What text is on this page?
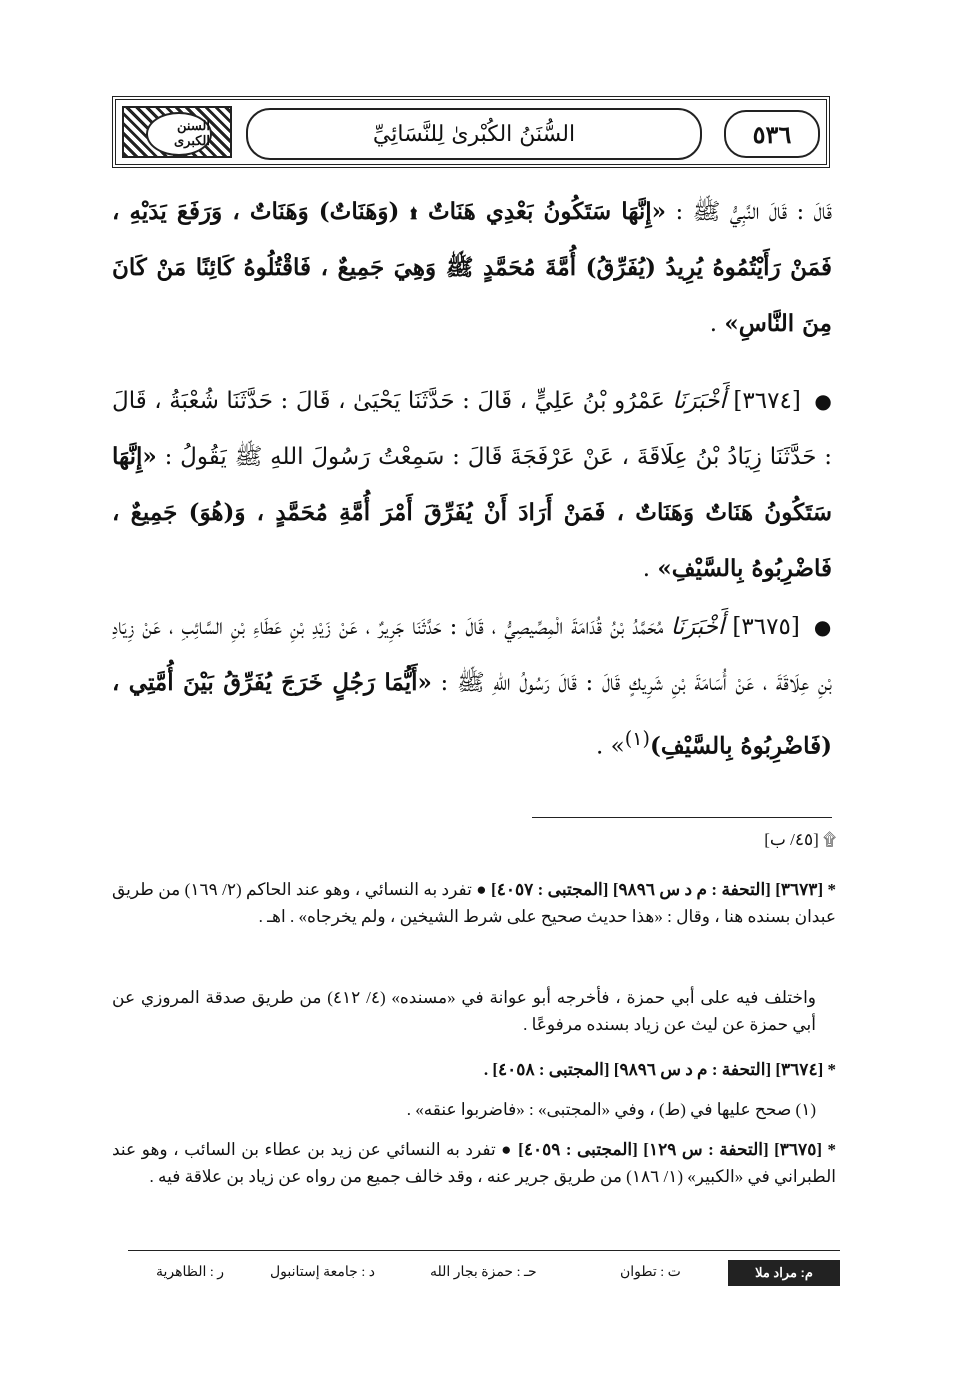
السنن الكبرى	السُّنَنُ الكُبْرىٰ لِلنَّسَائِيِّ	٥٣٦

قَالَ : قَالَ النَّبِيُّ ﷺ : «إِنَّهَا سَتَكُونُ بَعْدِي هَنَاتٌ ۩ (وَهَنَاتٌ) وَهَنَاتٌ ، وَرَفَعَ يَدَيْهِ ، فَمَنْ رَأَيْتُمُوهُ يُرِيدُ (يُفَرِّقُ) أُمَّةَ مُحَمَّدٍ ﷺ وَهِيَ جَمِيعٌ ، فَاقْتُلُوهُ كَائِنًا مَنْ كَانَ مِنَ النَّاسِ» .

● [٣٦٧٤] أَخْبَرَنَا عَمْرُو بْنُ عَلِيٍّ ، قَالَ : حَدَّثَنَا يَحْيَىٰ ، قَالَ : حَدَّثَنَا شُعْبَةُ ، قَالَ : حَدَّثَنَا زِيَادُ بْنُ عِلَاقَةَ ، عَنْ عَرْفَجَةَ قَالَ : سَمِعْتُ رَسُولَ اللهِ ﷺ يَقُولُ : «إِنَّهَا سَتَكُونُ هَنَاتٌ وَهَنَاتٌ ، فَمَنْ أَرَادَ أَنْ يُفَرِّقَ أَمْرَ أُمَّةِ مُحَمَّدٍ ، وَ(هُوَ) جَمِيعٌ ، فَاضْرِبُوهُ بِالسَّيْفِ» .

● [٣٦٧٥] أَخْبَرَنَا مُحَمَّدُ بْنُ قُدَامَةَ الْمِصِّيصِيُّ ، قَالَ : حَدَّثَنَا جَرِيرٌ ، عَنْ زَيْدِ بْنِ عَطَاءِ بْنِ السَّائِبِ ، عَنْ زِيَادِ بْنِ عِلَاقَةَ ، عَنْ أُسَامَةَ بْنِ شَرِيكٍ قَالَ : قَالَ رَسُولُ اللهِ ﷺ : «أَيُّمَا رَجُلٍ خَرَجَ يُفَرِّقُ بَيْنَ أُمَّتِي ، (فَاضْرِبُوهُ بِالسَّيْفِ)$^{(١)}$» .

۩ [٤٥/ ب]

* [٣٦٧٣] [التحفة : م د س ٩٨٩٦] [المجتبى : ٤٠٥٧] ● تفرد به النسائي ، وهو عند الحاكم (٢/ ١٦٩) من طريق عبدان بسنده هنا ، وقال : «هذا حديث صحيح على شرط الشيخين ، ولم يخرجاه» . اهـ .

واختلف فيه على أبي حمزة ، فأخرجه أبو عوانة في «مسنده» (٤/ ٤١٢) من طريق صدقة المروزي عن أبي حمزة عن ليث عن زياد بسنده مرفوعًا .

* [٣٦٧٤] [التحفة : م د س ٩٨٩٦] [المجتبى : ٤٠٥٨] .

(١) صحح عليها في (ط) ، وفي «المجتبى» : «فاضربوا عنقه» .

* [٣٦٧٥] [التحفة : س ١٢٩] [المجتبى : ٤٠٥٩] ● تفرد به النسائي عن زيد بن عطاء بن السائب ، وهو عند الطبراني في «الكبير» (١/ ١٨٦) من طريق جرير عنه ، وقد خالف جميع من رواه عن زياد بن علاقة فيه .

م: مراد ملا
ت : تطوان
حـ : حمزة بجار الله
د : جامعة إستانبول
ر : الظاهرية
